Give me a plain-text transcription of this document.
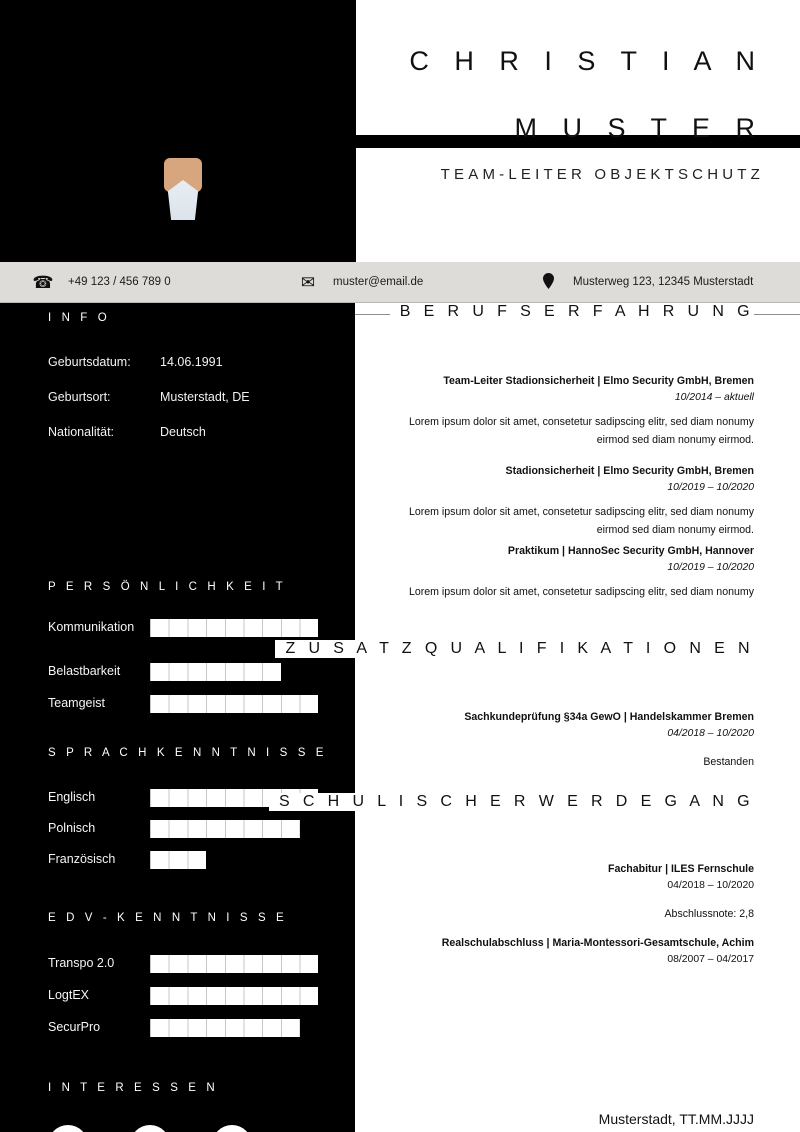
C H R I S T I A N
M U S T E R
TEAM-LEITER OBJEKTSCHUTZ
☎ +49 123 / 456 789 0	✉	muster@email.de	Musterweg 123, 12345 Musterstadt
I N F O
Geburtsdatum: 14.06.1991
Geburtsort:	Musterstadt, DE
Nationalität:	Deutsch
P E R S Ö N L I C H K E I T
Kommunikation
Belastbarkeit
Teamgeist
S P R A C H K E N N T N I S S E
Englisch
Polnisch
Französisch
E D V - K E N N T N I S S E
Transpo 2.0
LogtEX
SecurPro
I N T E R E S S E N
B E R U F S E R F A H R U N G
Team-Leiter Stadionsicherheit | Elmo Security GmbH, Bremen
10/2014 – aktuell
Lorem ipsum dolor sit amet, consetetur sadipscing elitr, sed diam nonumy eirmod sed diam nonumy eirmod.
Stadionsicherheit | Elmo Security GmbH, Bremen
10/2019 – 10/2020
Lorem ipsum dolor sit amet, consetetur sadipscing elitr, sed diam nonumy eirmod sed diam nonumy eirmod.
Praktikum | HannoSec Security GmbH, Hannover
10/2019 – 10/2020
Lorem ipsum dolor sit amet, consetetur sadipscing elitr, sed diam nonumy
Z U S A T Z Q U A L I F I K A T I O N E N
Sachkundeprüfung §34a GewO | Handelskammer Bremen
04/2018 – 10/2020
Bestanden
S C H U L I S C H E R W E R D E G A N G
Fachabitur | ILES Fernschule
04/2018 – 10/2020
Abschlussnote: 2,8
Realschulabschluss | Maria-Montessori-Gesamtschule, Achim
08/2007 – 04/2017
Musterstadt, TT.MM.JJJJ
